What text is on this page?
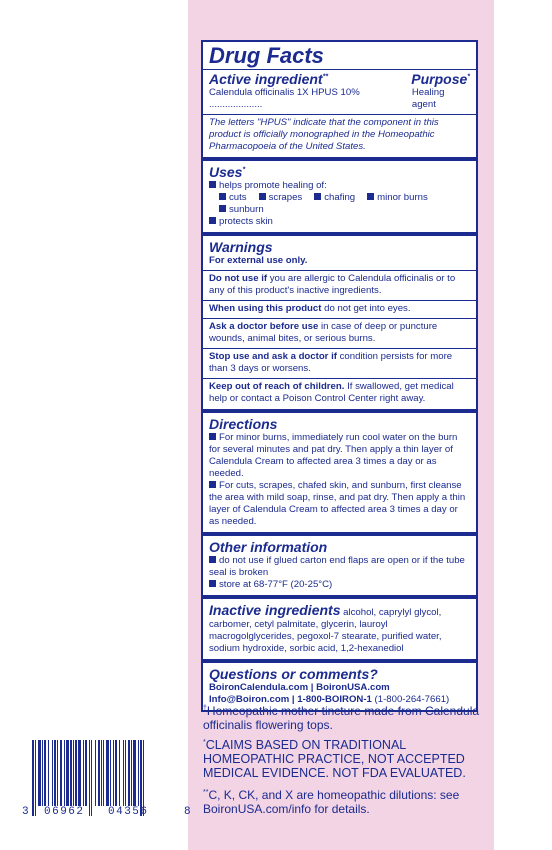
Drug Facts
Active ingredient**	Purpose*
Calendula officinalis 1X HPUS 10% ....................
Healing agent
The letters "HPUS" indicate that the component in this product is officially monographed in the Homeopathic Pharmacopoeia of the United States.
Uses*
helps promote healing of:
cuts	scrapes	chafing	minor burns
sunburn
protects skin
Warnings
For external use only.
Do not use if you are allergic to Calendula officinalis or to any of this product's inactive ingredients.
When using this product do not get into eyes.
Ask a doctor before use in case of deep or puncture wounds, animal bites, or serious burns.
Stop use and ask a doctor if condition persists for more than 3 days or worsens.
Keep out of reach of children. If swallowed, get medical help or contact a Poison Control Center right away.
Directions
For minor burns, immediately run cool water on the burn for several minutes and pat dry. Then apply a thin layer of Calendula Cream to affected area 3 times a day or as needed.
For cuts, scrapes, chafed skin, and sunburn, first cleanse the area with mild soap, rinse, and pat dry. Then apply a thin layer of Calendula Cream to affected area 3 times a day or as needed.
Other information
do not use if glued carton end flaps are open or if the tube seal is broken
store at 68-77°F (20-25°C)
Inactive ingredients alcohol, caprylyl glycol, carbomer, cetyl palmitate, glycerin, lauroyl macrogolglycerides, pegoxol-7 stearate, purified water, sodium hydroxide, sorbic acid, 1,2-hexanediol
Questions or comments?
BoironCalendula.com | BoironUSA.com
Info@Boiron.com | 1-800-BOIRON-1 (1-800-264-7661)
†Homeopathic mother tincture made from Calendula officinalis flowering tops.
*CLAIMS BASED ON TRADITIONAL HOMEOPATHIC PRACTICE, NOT ACCEPTED MEDICAL EVIDENCE. NOT FDA EVALUATED.
**C, K, CK, and X are homeopathic dilutions: see BoironUSA.com/info for details.
3 06962 04356	8
